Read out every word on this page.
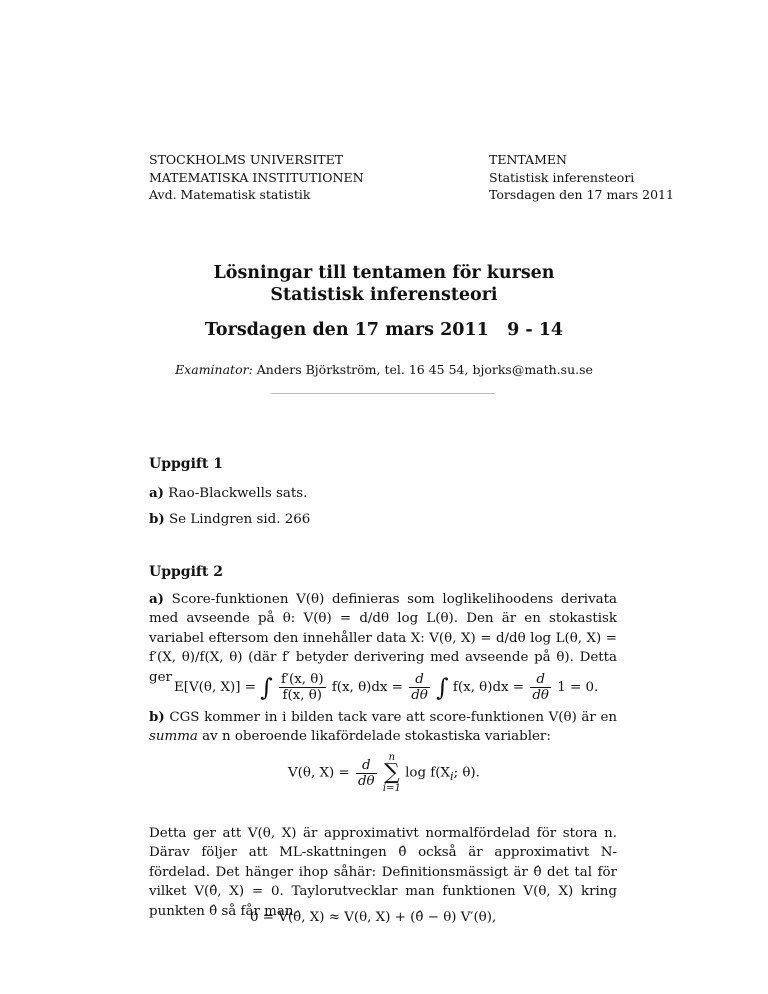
STOCKHOLMS UNIVERSITET
MATEMATISKA INSTITUTIONEN
Avd. Matematisk statistik
TENTAMEN
Statistisk inferensteori
Torsdagen den 17 mars 2011
Lösningar till tentamen för kursen
Statistisk inferensteori
Torsdagen den 17 mars 2011   9 - 14
Examinator: Anders Björkström, tel. 16 45 54, bjorks@math.su.se
Uppgift 1
a) Rao-Blackwells sats.
b) Se Lindgren sid. 266
Uppgift 2
a) Score-funktionen V(θ) definieras som loglikelihoodens derivata med avseende på θ: V(θ) = d/dθ log L(θ). Den är en stokastisk variabel eftersom den innehåller data X: V(θ, X) = d/dθ log L(θ, X) = f′(X, θ)/f(X, θ) (där f′ betyder derivering med avseende på θ). Detta ger
E[V(θ, X)] = ∫ $\frac{f'(x, \theta)}{f(x, \theta)} f(x$, $\theta)dx = \frac{d}{d\theta}$ ∫ f(x, $\theta)dx = \frac{d}{d\theta} 1 = 0$.
b) CGS kommer in i bilden tack vare att score-funktionen V(θ) är en summa av n oberoende likafördelade stokastiska variabler:
V(θ, $X) = \frac{d}{d\theta}$
	n
∑
i=1
$\log f(X_i$; θ).
Detta ger att V(θ, X) är approximativt normalfördelad för stora n. Därav följer att ML-skattningen θ̂ också är approximativt N-fördelad. Det hänger ihop såhär: Definitionsmässigt är θ̂ det tal för vilket V(θ̂, X) = 0. Taylorutvecklar man funktionen V(θ, X) kring punkten θ̂ så får man
0 = V(θ̂, X) ≈ V(θ, X) + (θ̂ − θ) V′(θ),
